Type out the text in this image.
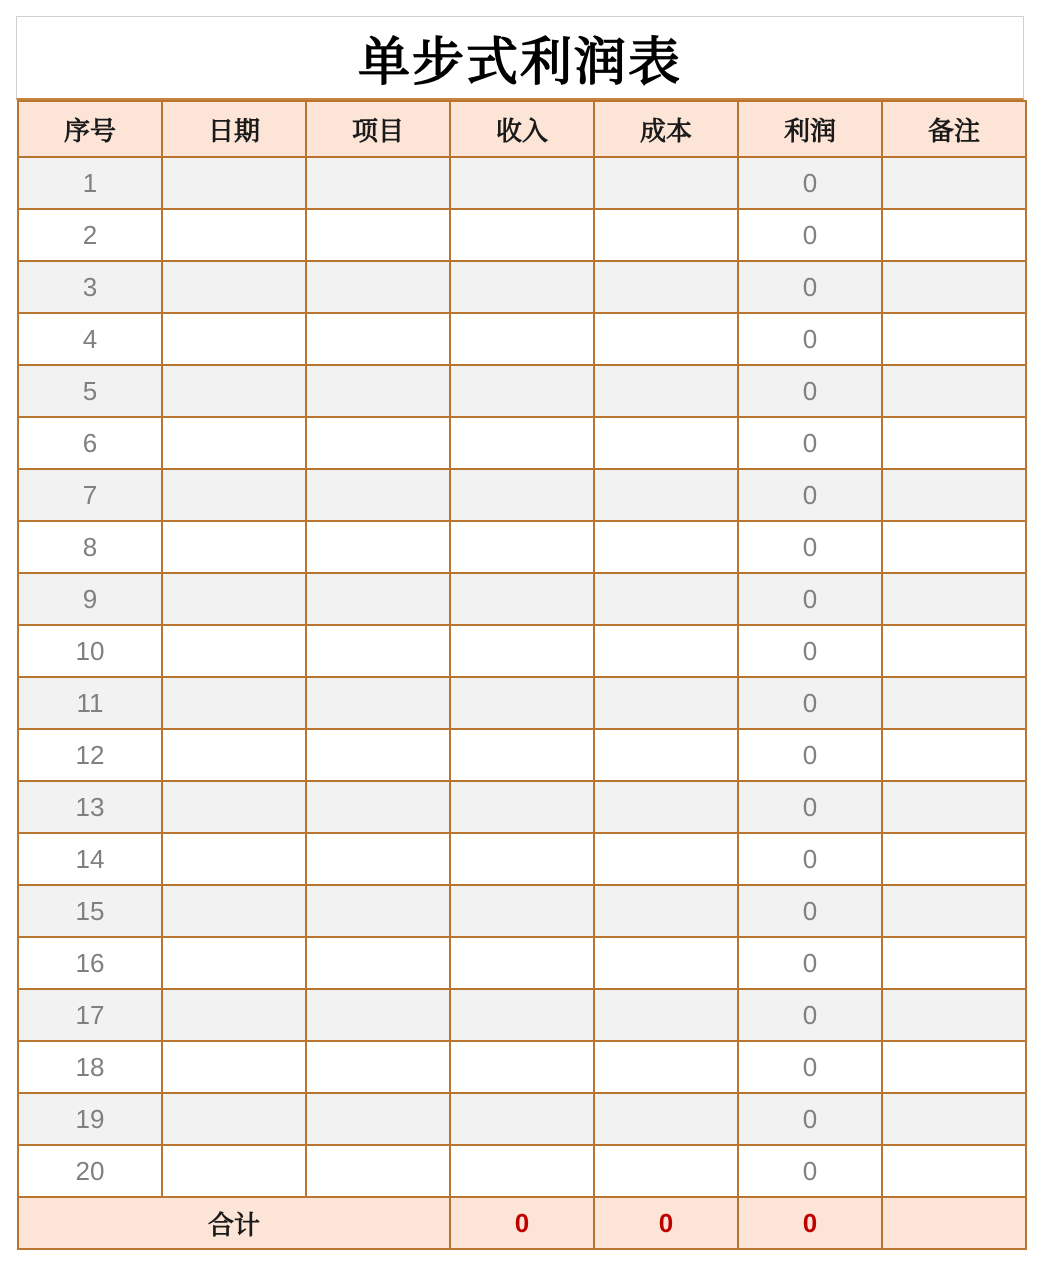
单步式利润表
序号	日期	项目	收入	成本	利润	备注
1					0	
2					0	
3					0	
4					0	
5					0	
6					0	
7					0	
8					0	
9					0	
10					0	
11					0	
12					0	
13					0	
14					0	
15					0	
16					0	
17					0	
18					0	
19					0	
20					0	
合计			0	0	0	
